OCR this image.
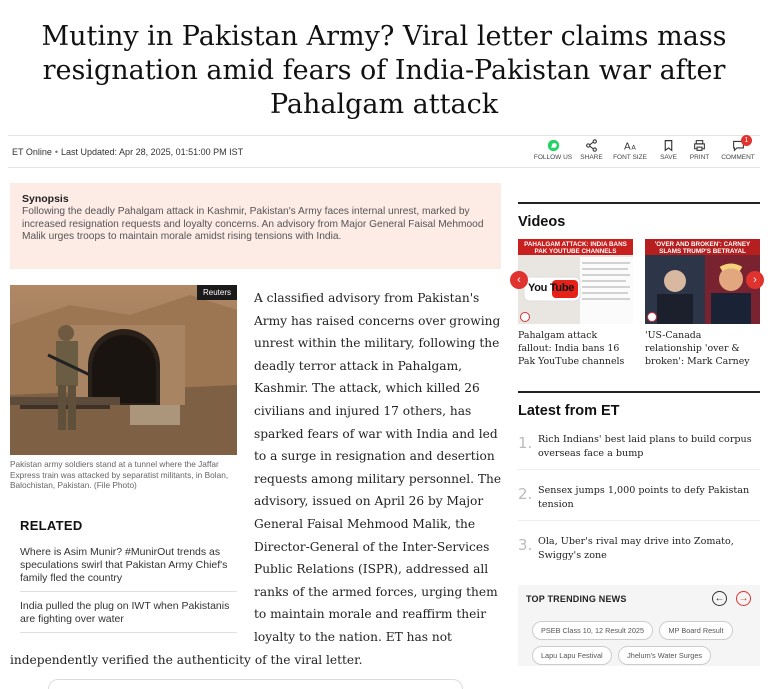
Mutiny in Pakistan Army? Viral letter claims mass resignation amid fears of India-Pakistan war after Pahalgam attack
ET Online • Last Updated: Apr 28, 2025, 01:51:00 PM IST
FOLLOW US SHARE
A A
FONT SIZE SAVE PRINT COMMENT
1
Synopsis

Following the deadly Pahalgam attack in Kashmir, Pakistan's Army faces internal unrest, marked by increased resignation requests and loyalty concerns. An advisory from Major General Faisal Mehmood Malik urges troops to maintain morale amidst rising tensions with India.

Reuters

Pakistan army soldiers stand at a tunnel where the Jaffar Express train was attacked by separatist militants, in Bolan, Balochistan, Pakistan. (File Photo)

RELATED
Where is Asim Munir? #MunirOut trends as speculations swirl that Pakistan Army Chief's family fled the country
India pulled the plug on IWT when Pakistanis are fighting over water
A classified advisory from Pakistan's Army has raised concerns over growing unrest within the military, following the deadly terror attack in Pahalgam, Kashmir. The attack, which killed 26 civilians and injured 17 others, has sparked fears of war with India and led to a surge in resignation and desertion requests among military personnel. The advisory, issued on April 26 by Major General Faisal Mehmood Malik, the Director-General of the Inter-Services Public Relations (ISPR), addressed all ranks of the armed forces, urging them to maintain morale and reaffirm their loyalty to the nation. ET has not
independently verified the authenticity of the viral letter.
Videos
PAHALGAM ATTACK: INDIA BANS PAK YOUTUBE CHANNELS
You Tube

Pahalgam attack fallout: India bans 16 Pak YouTube channels

'OVER AND BROKEN': CARNEY SLAMS TRUMP'S BETRAYAL

'US-Canada relationship 'over & broken': Mark Carney

‹	›
Latest from ET
1. Rich Indians' best laid plans to build corpus overseas face a bump
2. Sensex jumps 1,000 points to defy Pakistan tension
3. Ola, Uber's rival may drive into Zomato, Swiggy's zone
TOP TRENDING NEWS	← →
PSEB Class 10, 12 Result 2025	MP Board Result Lapu Lapu Festival	Jhelum's Water Surges
